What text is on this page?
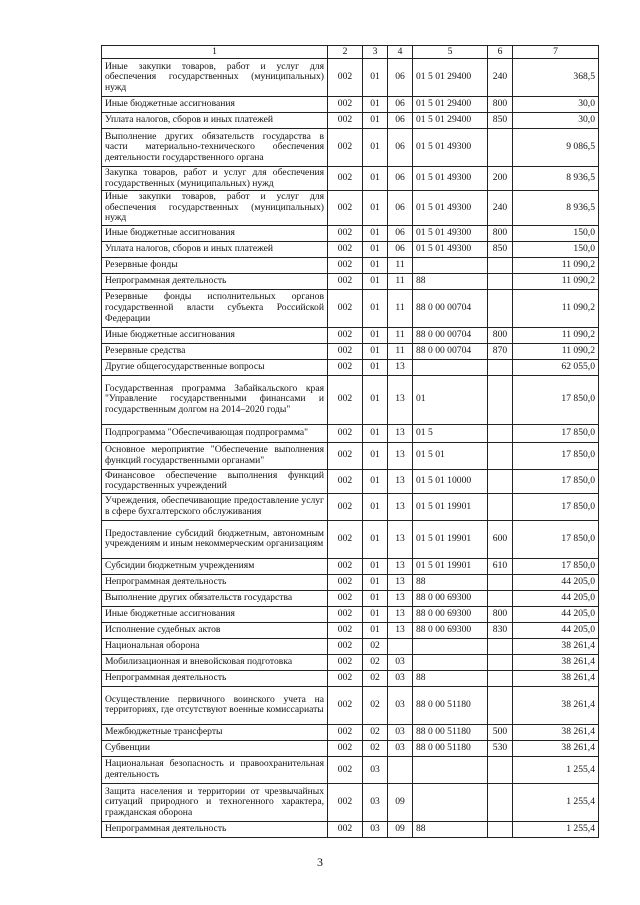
1	2	3	4	5	6	7
Иные закупки товаров, работ и услуг для обеспечения государственных (муниципальных) нужд	002	01	06	01 5 01 29400	240	368,5
Иные бюджетные ассигнования	002	01	06	01 5 01 29400	800	30,0
Уплата налогов, сборов и иных платежей	002	01	06	01 5 01 29400	850	30,0
Выполнение других обязательств государства в части материально-технического обеспечения деятельности государственного органа	002	01	06	01 5 01 49300		9 086,5
Закупка товаров, работ и услуг для обеспечения государственных (муниципальных) нужд	002	01	06	01 5 01 49300	200	8 936,5
Иные закупки товаров, работ и услуг для обеспечения государственных (муниципальных) нужд	002	01	06	01 5 01 49300	240	8 936,5
Иные бюджетные ассигнования	002	01	06	01 5 01 49300	800	150,0
Уплата налогов, сборов и иных платежей	002	01	06	01 5 01 49300	850	150,0
Резервные фонды	002	01	11			11 090,2
Непрограммная деятельность	002	01	11	88		11 090,2
Резервные фонды исполнительных органов государственной власти субъекта Российской Федерации	002	01	11	88 0 00 00704		11 090,2
Иные бюджетные ассигнования	002	01	11	88 0 00 00704	800	11 090,2
Резервные средства	002	01	11	88 0 00 00704	870	11 090,2
Другие общегосударственные вопросы	002	01	13			62 055,0
Государственная программа Забайкальского края "Управление государственными финансами и государственным долгом на 2014–2020 годы"	002	01	13	01		17 850,0
Подпрограмма "Обеспечивающая подпрограмма"	002	01	13	01 5		17 850,0
Основное мероприятие "Обеспечение выполнения функций государственными органами"	002	01	13	01 5 01		17 850,0
Финансовое обеспечение выполнения функций государственных учреждений	002	01	13	01 5 01 10000		17 850,0
Учреждения, обеспечивающие предоставление услуг в сфере бухгалтерского обслуживания	002	01	13	01 5 01 19901		17 850,0
Предоставление субсидий бюджетным, автономным учреждениям и иным некоммерческим организациям	002	01	13	01 5 01 19901	600	17 850,0
Субсидии бюджетным учреждениям	002	01	13	01 5 01 19901	610	17 850,0
Непрограммная деятельность	002	01	13	88		44 205,0
Выполнение других обязательств государства	002	01	13	88 0 00 69300		44 205,0
Иные бюджетные ассигнования	002	01	13	88 0 00 69300	800	44 205,0
Исполнение судебных актов	002	01	13	88 0 00 69300	830	44 205,0
Национальная оборона	002	02				38 261,4
Мобилизационная и вневойсковая подготовка	002	02	03			38 261,4
Непрограммная деятельность	002	02	03	88		38 261,4
Осуществление первичного воинского учета на территориях, где отсутствуют военные комиссариаты	002	02	03	88 0 00 51180		38 261,4
Межбюджетные трансферты	002	02	03	88 0 00 51180	500	38 261,4
Субвенции	002	02	03	88 0 00 51180	530	38 261,4
Национальная безопасность и правоохранительная деятельность	002	03				1 255,4
Защита населения и территории от чрезвычайных ситуаций природного и техногенного характера, гражданская оборона	002	03	09			1 255,4
Непрограммная деятельность	002	03	09	88		1 255,4
3
